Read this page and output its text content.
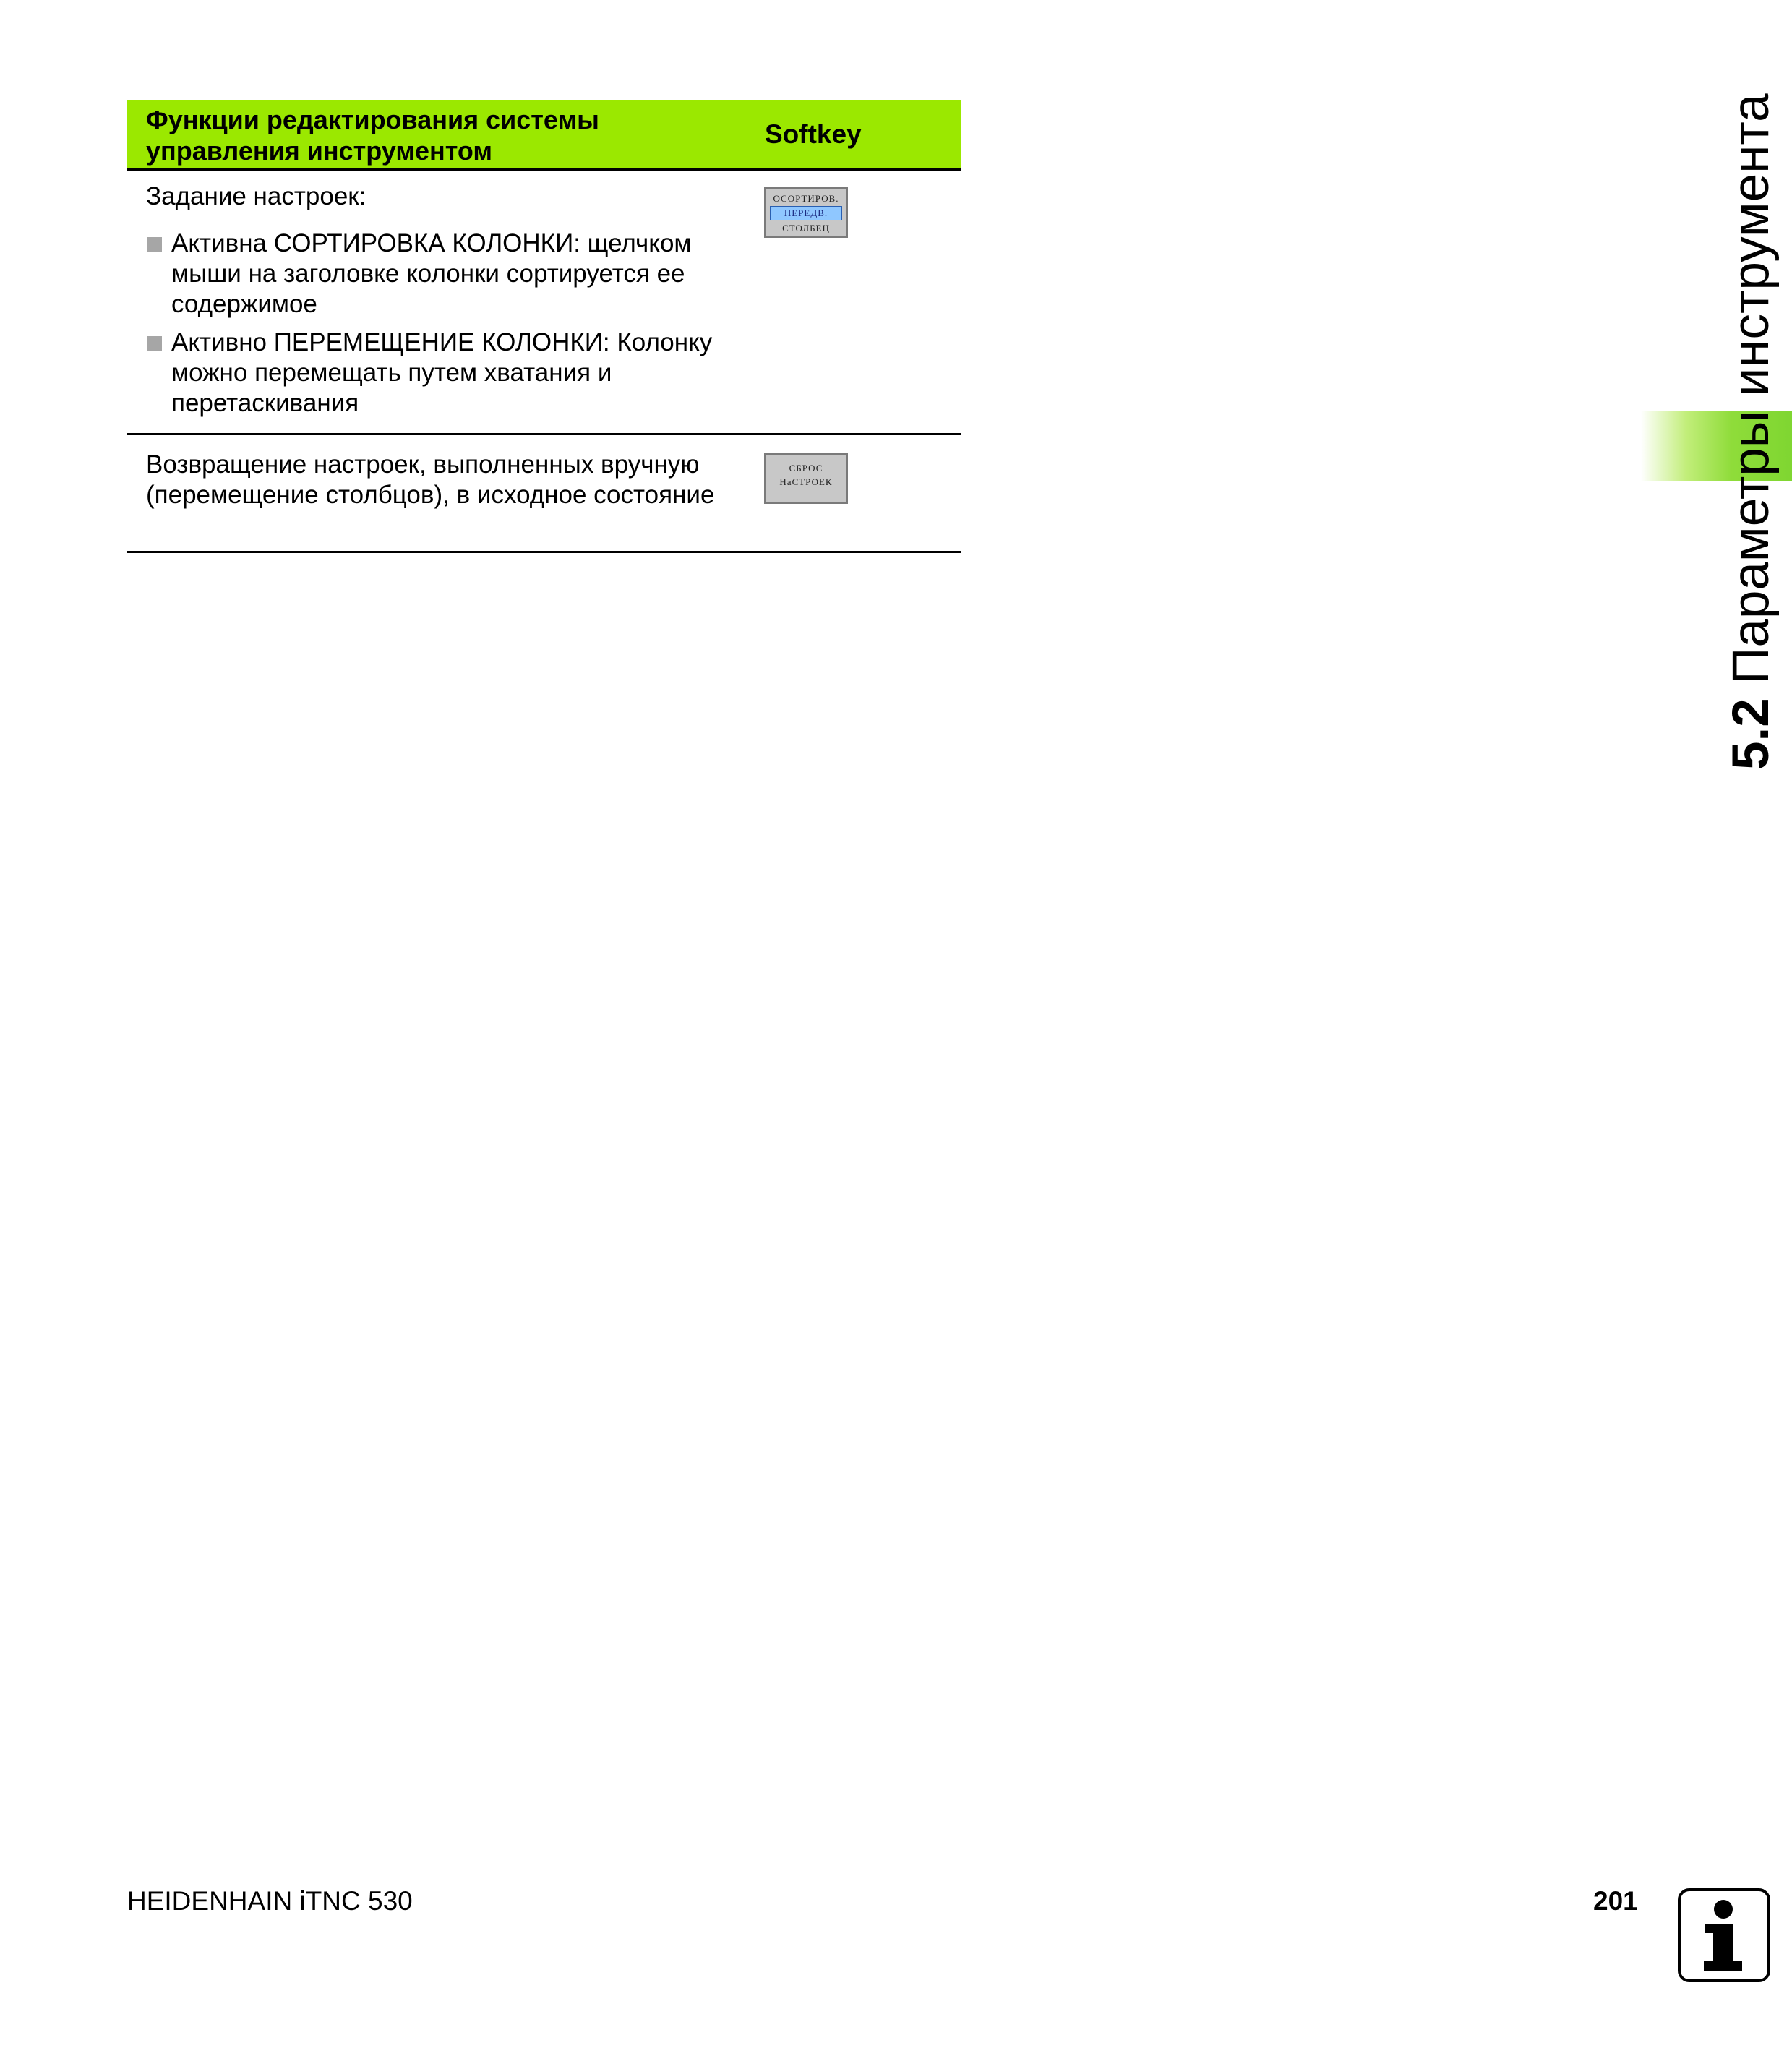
Функции редактирования системы управления инструментом
Softkey
Задание настроек:
Активна СОРТИРОВКА КОЛОНКИ: щелчком мыши на заголовке колонки сортируется ее содержимое
Активно ПЕРЕМЕЩЕНИЕ КОЛОНКИ: Колонку можно перемещать путем хватания и перетаскивания
ОСОРТИРОВ.
ПЕРЕДВ.
СТОЛБЕЦ
Возвращение настроек, выполненных вручную (перемещение столбцов), в исходное состояние
СБРОС
НаСТРОЕК
5.2 Параметры инструмента
HEIDENHAIN iTNC 530	201
